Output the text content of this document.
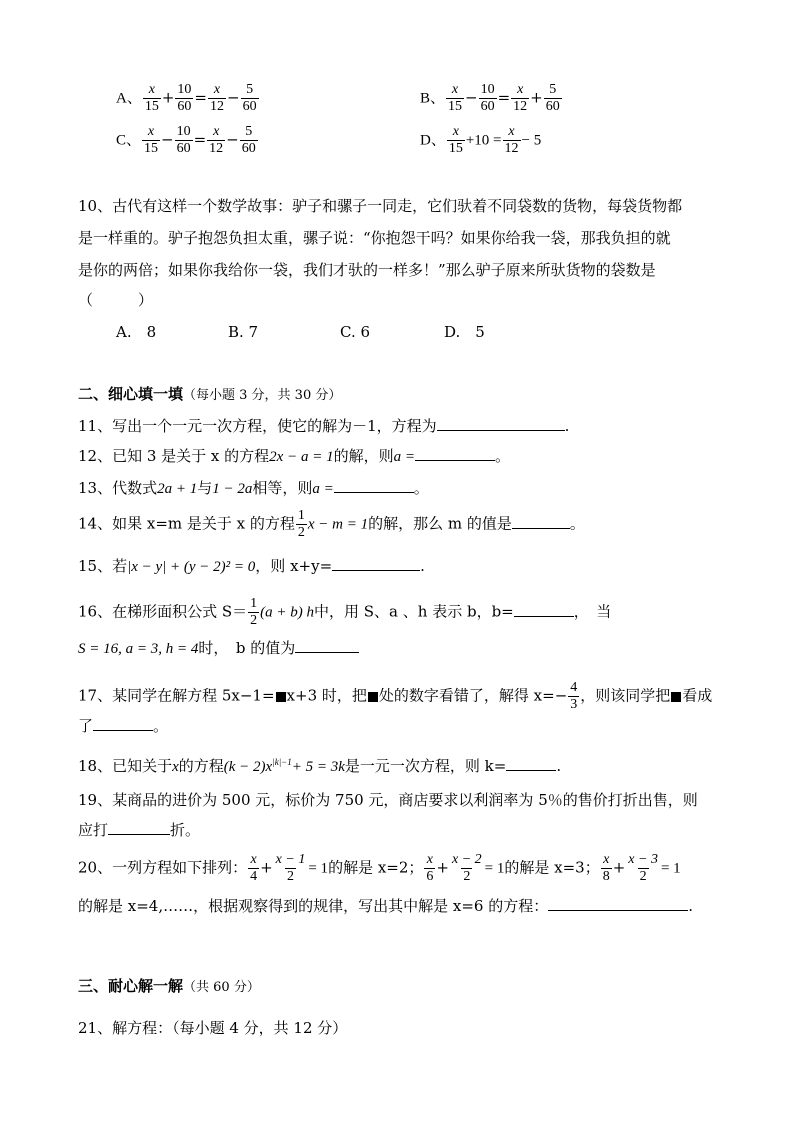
A、 $\frac{x}{15} + \frac{10}{60} = \frac{x}{12} - \frac{5}{60}$	B、 $\frac{x}{15} - \frac{10}{60} = \frac{x}{12} + \frac{5}{60}$
C、 $\frac{x}{15} - \frac{10}{60} = \frac{x}{12} - \frac{5}{60}$	D、 $\frac{x}{15} +10 = \frac{x}{12} - 5$
10、古代有这样一个数学故事：驴子和骡子一同走，它们驮着不同袋数的货物，每袋货物都
是一样重的。驴子抱怨负担太重，骡子说：“你抱怨干吗？如果你给我一袋，那我负担的就
是你的两倍；如果你我给你一袋，我们才驮的一样多！”那么驴子原来所驮货物的袋数是
（　　　）
A.　8	B. 7	C. 6	D.　5
二、细心填一填（每小题 3 分，共 30 分）
11、写出一个一元一次方程，使它的解为－1，方程为	.
12、已知 3 是关于 x 的方程2x − a = 1的解，则a =	。
13、代数式2a + 1与1 − 2a相等，则a =	。
14、如果 x=m 是关于 x 的方程 $\frac{1}{2}$ x − m = 1的解，那么 m 的值是	。
15、若|x − y| + (y − 2)² = 0，则 x+y=	.
16、在梯形面积公式 $S= \frac{1}{2} (a + b)$ h中，用 S、a 、h 表示 b，b=	，　当
S = 16, a = 3, h = 4时，　b 的值为
17、某同学在解方程 5x−1= x+3 时，把 处的数字看错了，解得 $x=- \frac{4}{3}$ ，则该同学把 看成
了	。
18、已知关于x的方程$(k - 2)x^{|k|-1}+ 5 = 3k$是一元一次方程，则 k=	.
19、某商品的进价为 500 元，标价为 750 元，商店要求以利润率为 5％的售价打折出售，则
应打	折。
20、一列方程如下排列： $\frac{x}{4} + \frac{x - 1}{2} = 1$的解是 x=2； $\frac{x}{6} + \frac{x - 2}{2} = 1$的解是 x=3； $\frac{x}{8} + \frac{x - 3}{2} = 1$
的解是 x=4,……，根据观察得到的规律，写出其中解是 x=6 的方程：	.
三、耐心解一解（共 60 分）
21、解方程：（每小题 4 分，共 12 分）
